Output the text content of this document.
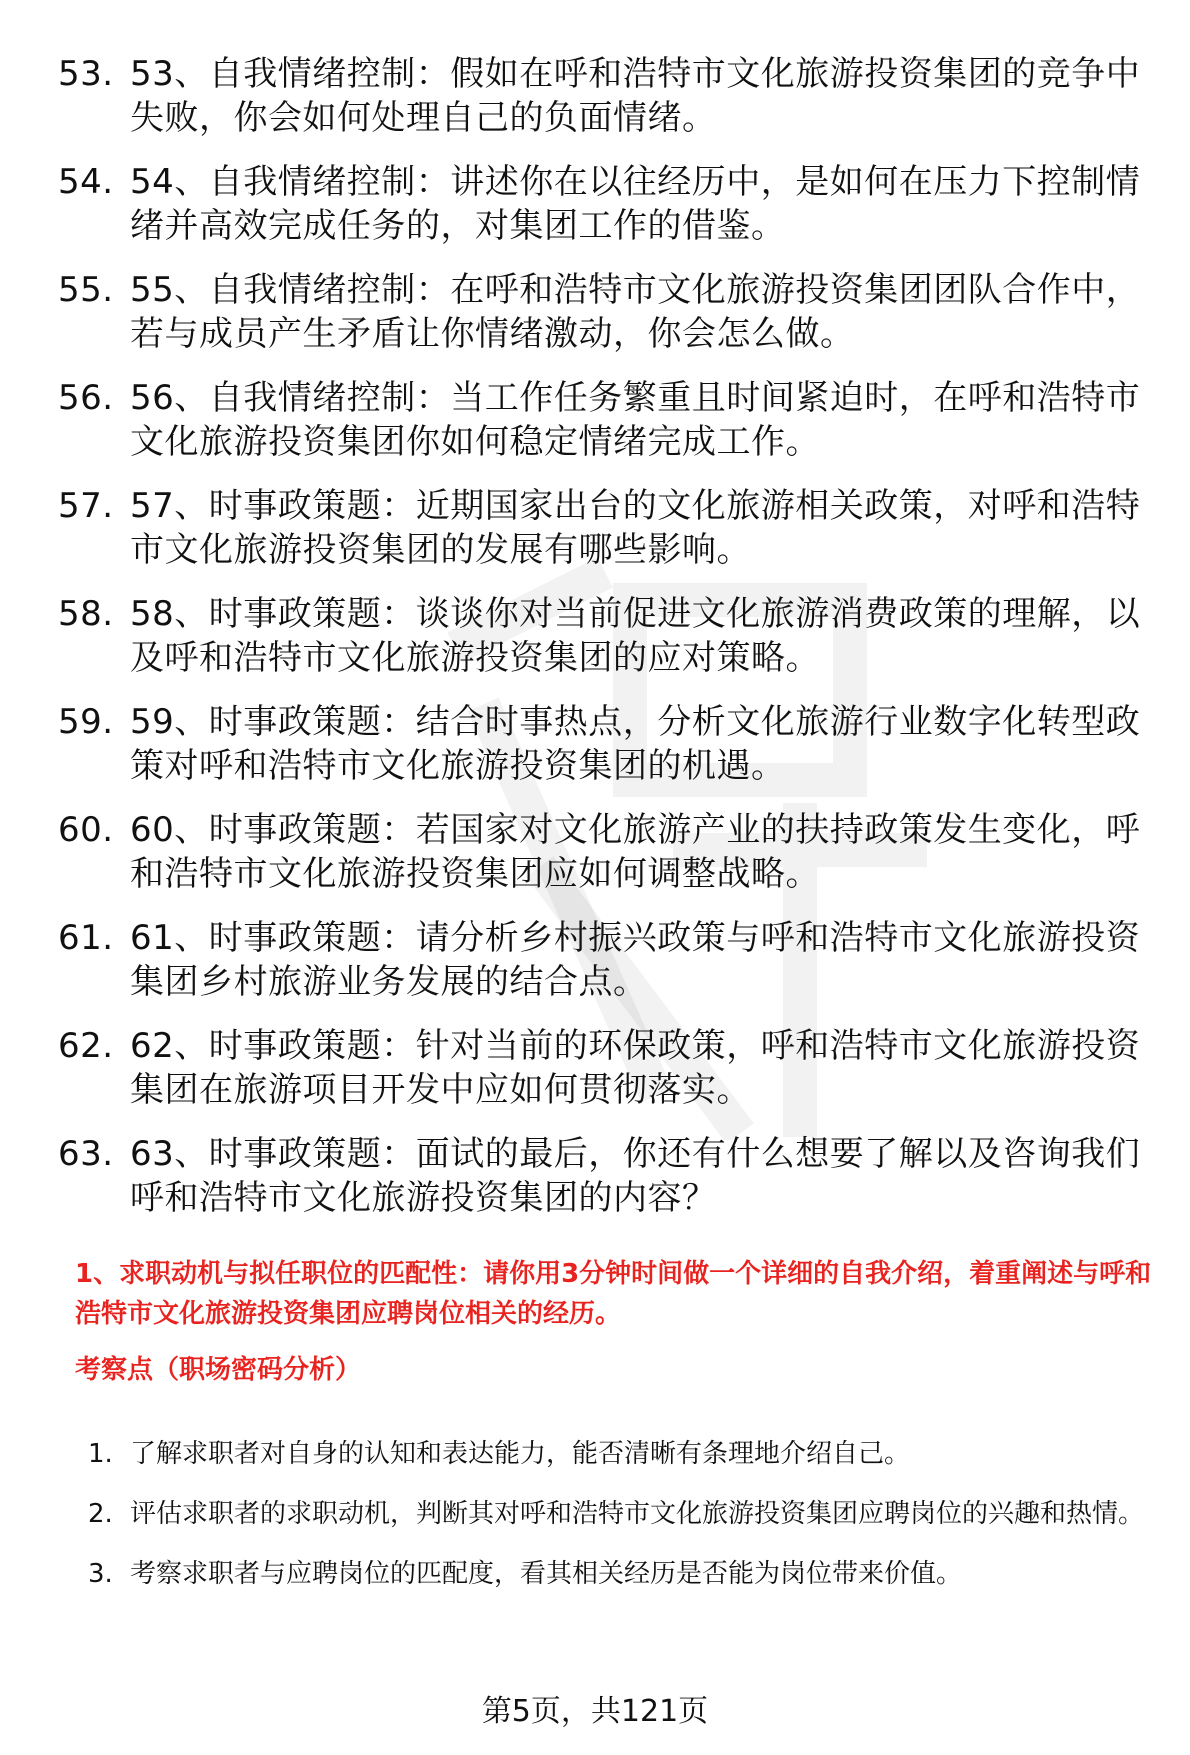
53. 53、自我情绪控制：假如在呼和浩特市文化旅游投资集团的竞争中失败，你会如何处理自己的负面情绪。
54. 54、自我情绪控制：讲述你在以往经历中，是如何在压力下控制情绪并高效完成任务的，对集团工作的借鉴。
55. 55、自我情绪控制：在呼和浩特市文化旅游投资集团团队合作中，若与成员产生矛盾让你情绪激动，你会怎么做。
56. 56、自我情绪控制：当工作任务繁重且时间紧迫时，在呼和浩特市文化旅游投资集团你如何稳定情绪完成工作。
57. 57、时事政策题：近期国家出台的文化旅游相关政策，对呼和浩特市文化旅游投资集团的发展有哪些影响。
58. 58、时事政策题：谈谈你对当前促进文化旅游消费政策的理解，以及呼和浩特市文化旅游投资集团的应对策略。
59. 59、时事政策题：结合时事热点，分析文化旅游行业数字化转型政策对呼和浩特市文化旅游投资集团的机遇。
60. 60、时事政策题：若国家对文化旅游产业的扶持政策发生变化，呼和浩特市文化旅游投资集团应如何调整战略。
61. 61、时事政策题：请分析乡村振兴政策与呼和浩特市文化旅游投资集团乡村旅游业务发展的结合点。
62. 62、时事政策题：针对当前的环保政策，呼和浩特市文化旅游投资集团在旅游项目开发中应如何贯彻落实。
63. 63、时事政策题：面试的最后，你还有什么想要了解以及咨询我们呼和浩特市文化旅游投资集团的内容？
1、求职动机与拟任职位的匹配性：请你用3分钟时间做一个详细的自我介绍，着重阐述与呼和浩特市文化旅游投资集团应聘岗位相关的经历。
考察点（职场密码分析）
1. 了解求职者对自身的认知和表达能力，能否清晰有条理地介绍自己。
2. 评估求职者的求职动机，判断其对呼和浩特市文化旅游投资集团应聘岗位的兴趣和热情。
3. 考察求职者与应聘岗位的匹配度，看其相关经历是否能为岗位带来价值。
第5页，共121页
